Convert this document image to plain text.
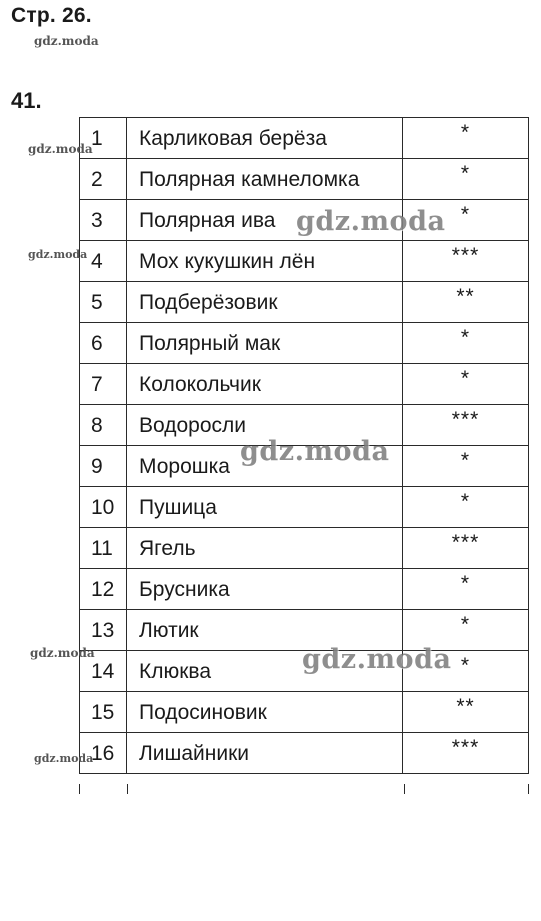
Стр. 26.
gdz.moda
41.
1	Карликовая берёза	*
2	Полярная камнеломка	*
3	Полярная ива	*
4	Мох кукушкин лён	***
5	Подберёзовик	**
6	Полярный мак	*
7	Колокольчик	*
8	Водоросли	***
9	Морошка	*
10	Пушица	*
11	Ягель	***
12	Брусника	*
13	Лютик	*
14	Клюква	*
15	Подосиновик	**
16	Лишайники	***
gdz.moda
gdz.moda
gdz.moda
gdz.moda
gdz.moda
gdz.moda
gdz.moda
